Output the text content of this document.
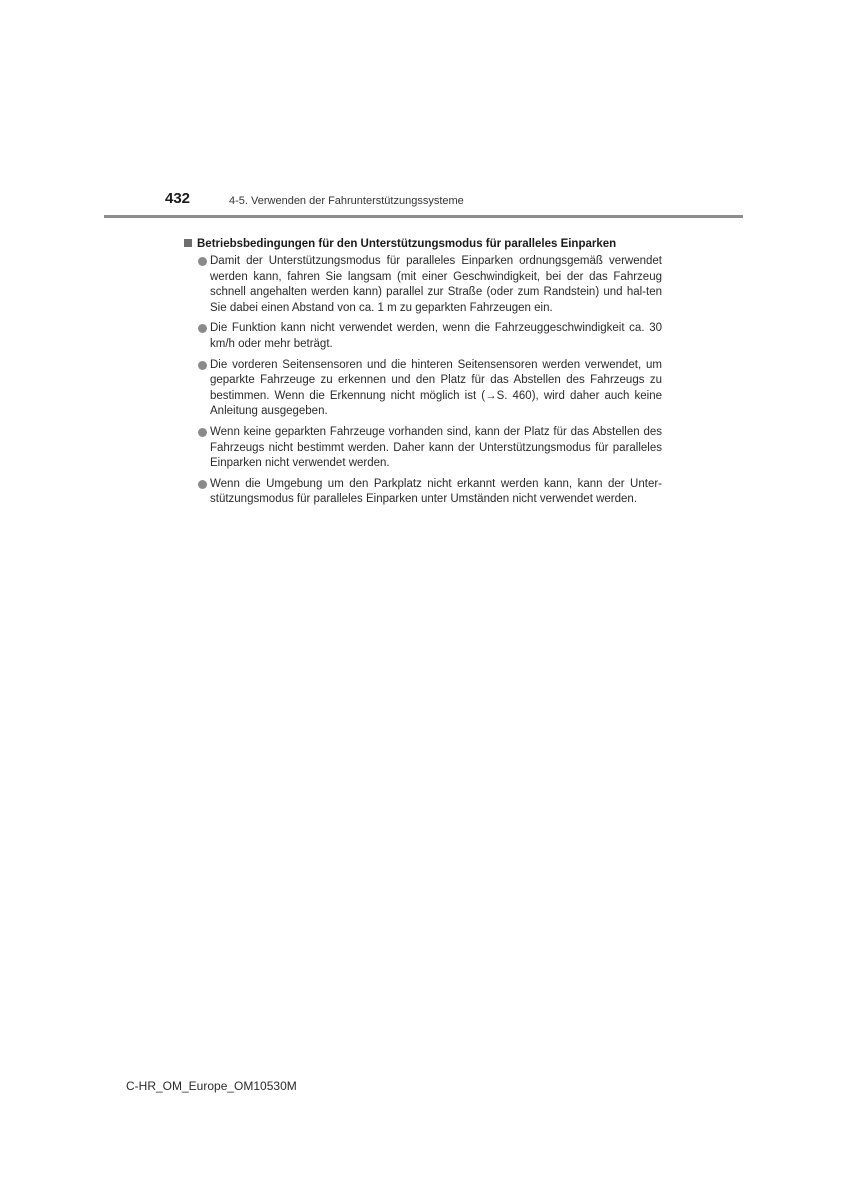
432	4-5. Verwenden der Fahrunterstützungssysteme
Betriebsbedingungen für den Unterstützungsmodus für paralleles Einparken
Damit der Unterstützungsmodus für paralleles Einparken ordnungsgemäß verwendet werden kann, fahren Sie langsam (mit einer Geschwindigkeit, bei der das Fahrzeug schnell angehalten werden kann) parallel zur Straße (oder zum Randstein) und hal-ten Sie dabei einen Abstand von ca. 1 m zu geparkten Fahrzeugen ein.
Die Funktion kann nicht verwendet werden, wenn die Fahrzeuggeschwindigkeit ca. 30 km/h oder mehr beträgt.
Die vorderen Seitensensoren und die hinteren Seitensensoren werden verwendet, um geparkte Fahrzeuge zu erkennen und den Platz für das Abstellen des Fahrzeugs zu bestimmen. Wenn die Erkennung nicht möglich ist (→S. 460), wird daher auch keine Anleitung ausgegeben.
Wenn keine geparkten Fahrzeuge vorhanden sind, kann der Platz für das Abstellen des Fahrzeugs nicht bestimmt werden. Daher kann der Unterstützungsmodus für paralleles Einparken nicht verwendet werden.
Wenn die Umgebung um den Parkplatz nicht erkannt werden kann, kann der Unter-stützungsmodus für paralleles Einparken unter Umständen nicht verwendet werden.
C-HR_OM_Europe_OM10530M
